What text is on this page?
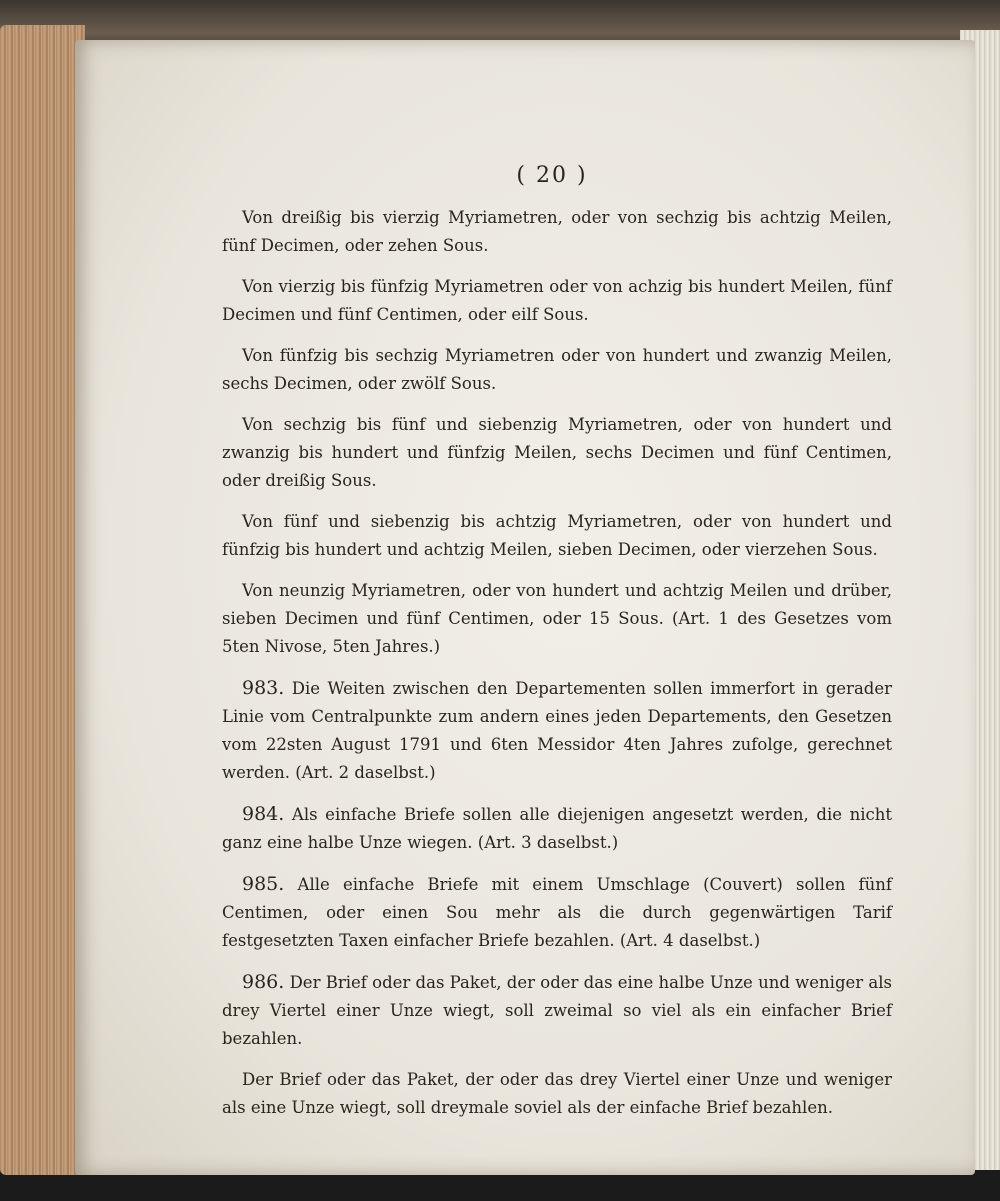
( 20 )

Von dreißig bis vierzig Myriametren, oder von sechzig bis achtzig Meilen, fünf Decimen, oder zehen Sous.

Von vierzig bis fünfzig Myriametren oder von achzig bis hundert Meilen, fünf Decimen und fünf Centimen, oder eilf Sous.

Von fünfzig bis sechzig Myriametren oder von hundert und zwanzig Meilen, sechs Decimen, oder zwölf Sous.

Von sechzig bis fünf und siebenzig Myriametren, oder von hundert und zwanzig bis hundert und fünfzig Meilen, sechs Decimen und fünf Centimen, oder dreißig Sous.

Von fünf und siebenzig bis achtzig Myriametren, oder von hundert und fünfzig bis hundert und achtzig Meilen, sieben Decimen, oder vierzehen Sous.

Von neunzig Myriametren, oder von hundert und achtzig Meilen und drüber, sieben Decimen und fünf Centimen, oder 15 Sous. (Art. 1 des Gesetzes vom 5ten Nivose, 5ten Jahres.)

983. Die Weiten zwischen den Departementen sollen immerfort in gerader Linie vom Centralpunkte zum andern eines jeden Departements, den Gesetzen vom 22sten August 1791 und 6ten Messidor 4ten Jahres zufolge, gerechnet werden. (Art. 2 daselbst.)

984. Als einfache Briefe sollen alle diejenigen angesetzt werden, die nicht ganz eine halbe Unze wiegen. (Art. 3 daselbst.)

985. Alle einfache Briefe mit einem Umschlage (Couvert) sollen fünf Centimen, oder einen Sou mehr als die durch gegenwärtigen Tarif festgesetzten Taxen einfacher Briefe bezahlen. (Art. 4 daselbst.)

986. Der Brief oder das Paket, der oder das eine halbe Unze und weniger als drey Viertel einer Unze wiegt, soll zweimal so viel als ein einfacher Brief bezahlen.

Der Brief oder das Paket, der oder das drey Viertel einer Unze und weniger als eine Unze wiegt, soll dreymale soviel als der einfache Brief bezahlen.
